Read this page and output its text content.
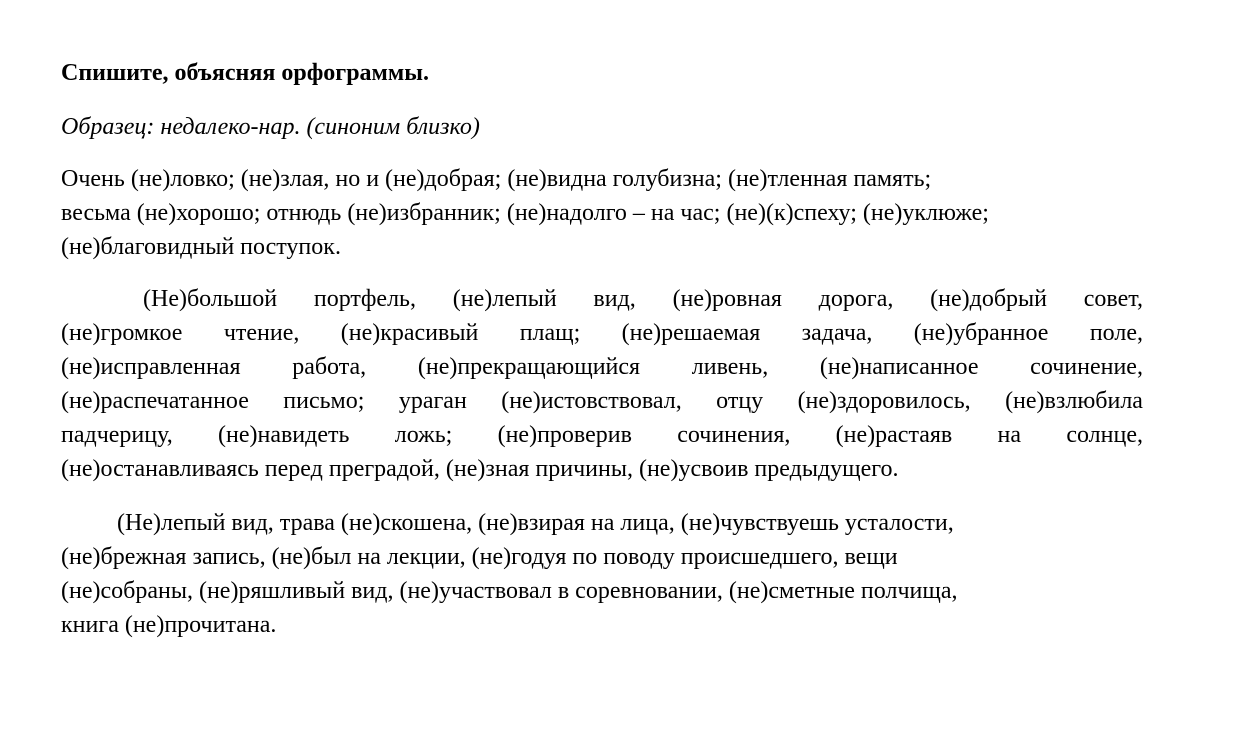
Спишите, объясняя орфограммы.
Образец: недалеко-нар. (синоним близко)
Очень (не)ловко; (не)злая, но и (не)добрая; (не)видна голубизна; (не)тленная память;
весьма (не)хорошо; отнюдь (не)избранник; (не)надолго – на час; (не)(к)спеху; (не)уклюже;
(не)благовидный поступок.
(Не)большой портфель, (не)лепый вид, (не)ровная дорога, (не)добрый совет,
(не)громкое чтение, (не)красивый плащ; (не)решаемая задача, (не)убранное поле,
(не)исправленная работа, (не)прекращающийся ливень, (не)написанное сочинение,
(не)распечатанное письмо; ураган (не)истовствовал, отцу (не)здоровилось, (не)взлюбила
падчерицу, (не)навидеть ложь; (не)проверив сочинения, (не)растаяв на солнце,
(не)останавливаясь перед преградой, (не)зная причины, (не)усвоив предыдущего.
(Не)лепый вид, трава (не)скошена, (не)взирая на лица, (не)чувствуешь усталости,
(не)брежная запись, (не)был на лекции, (не)годуя по поводу происшедшего, вещи
(не)собраны, (не)ряшливый вид, (не)участвовал в соревновании, (не)сметные полчища,
книга (не)прочитана.
